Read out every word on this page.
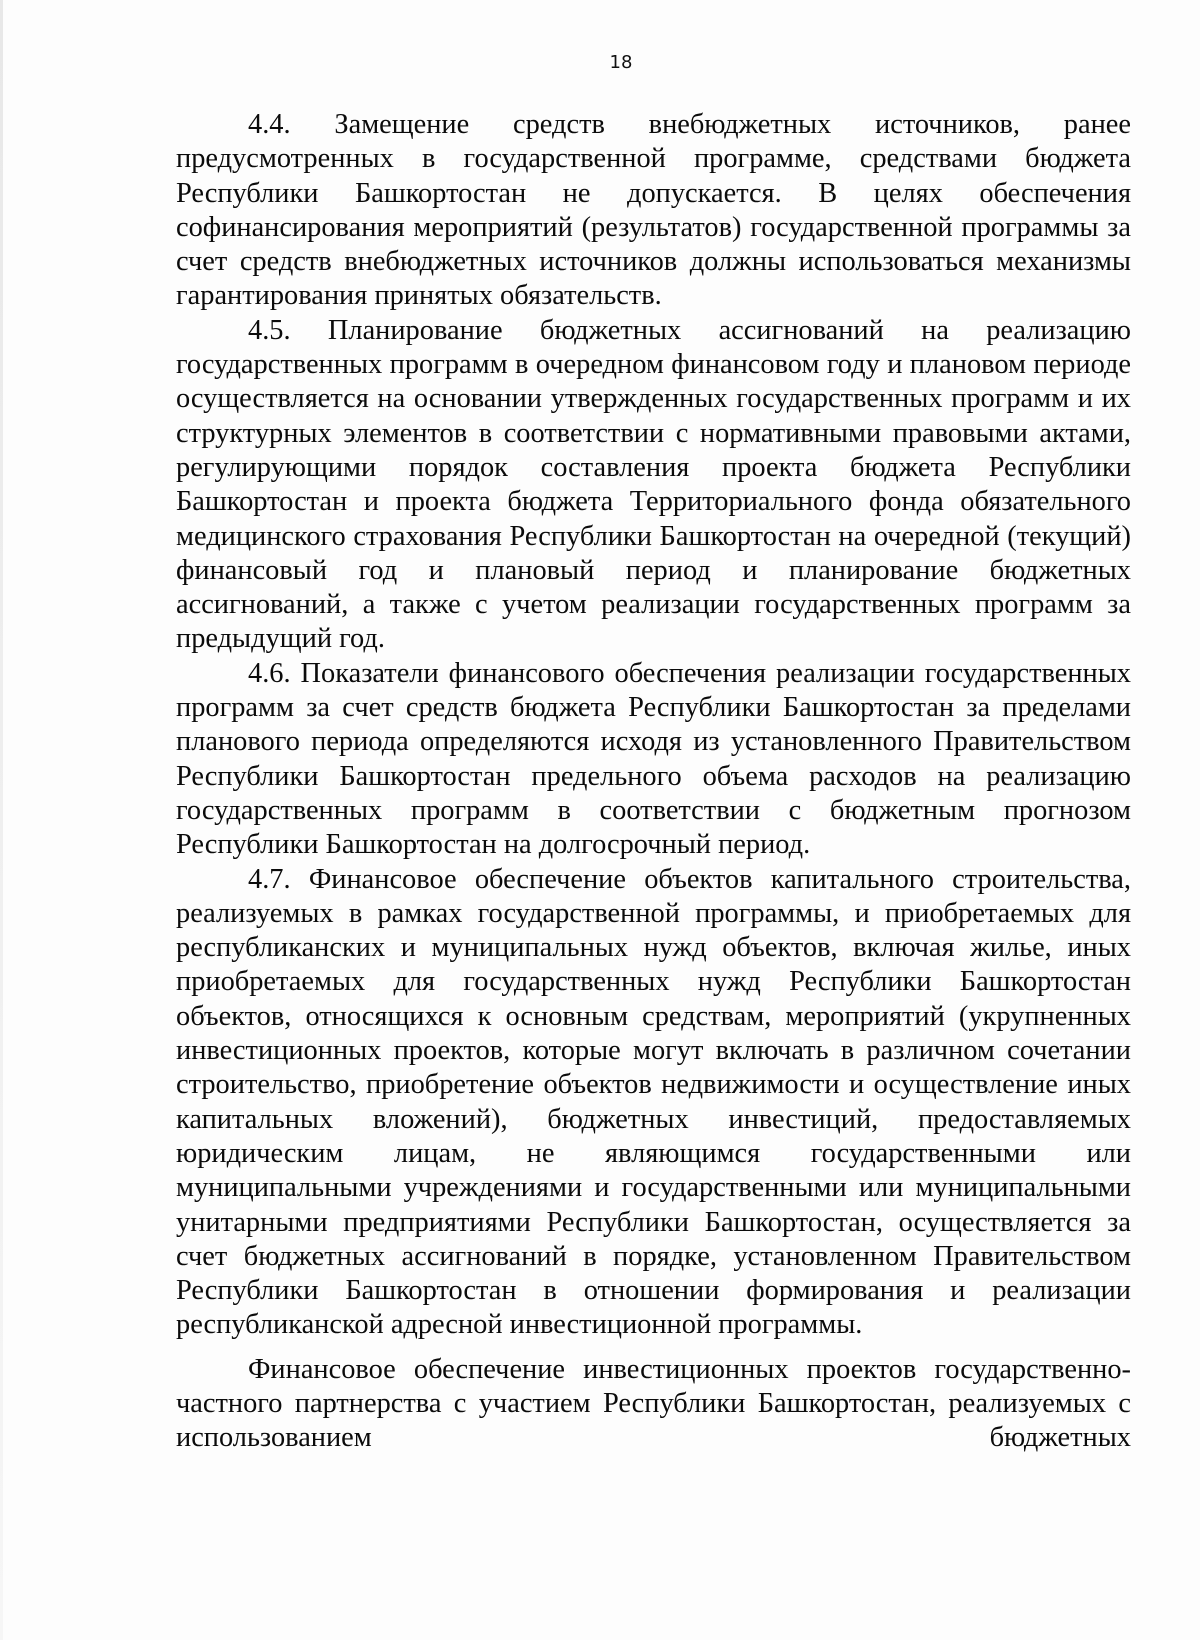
18

4.4. Замещение средств внебюджетных источников, ранее предусмотренных в государственной программе, средствами бюджета Республики Башкортостан не допускается. В целях обеспечения софинансирования мероприятий (результатов) государственной программы за счет средств внебюджетных источников должны использоваться механизмы гарантирования принятых обязательств.

4.5. Планирование бюджетных ассигнований на реализацию государственных программ в очередном финансовом году и плановом периоде осуществляется на основании утвержденных государственных программ и их структурных элементов в соответствии с нормативными правовыми актами, регулирующими порядок составления проекта бюджета Республики Башкортостан и проекта бюджета Территориального фонда обязательного медицинского страхования Республики Башкортостан на очередной (текущий) финансовый год и плановый период и планирование бюджетных ассигнований, а также с учетом реализации государственных программ за предыдущий год.

4.6. Показатели финансового обеспечения реализации государственных программ за счет средств бюджета Республики Башкортостан за пределами планового периода определяются исходя из установленного Правительством Республики Башкортостан предельного объема расходов на реализацию государственных программ в соответствии с бюджетным прогнозом Республики Башкортостан на долгосрочный период.

4.7. Финансовое обеспечение объектов капитального строительства, реализуемых в рамках государственной программы, и приобретаемых для республиканских и муниципальных нужд объектов, включая жилье, иных приобретаемых для государственных нужд Республики Башкортостан объектов, относящихся к основным средствам, мероприятий (укрупненных инвестиционных проектов, которые могут включать в различном сочетании строительство, приобретение объектов недвижимости и осуществление иных капитальных вложений), бюджетных инвестиций, предоставляемых юридическим лицам, не являющимся государственными или муниципальными учреждениями и государственными или муниципальными унитарными предприятиями Республики Башкортостан, осуществляется за счет бюджетных ассигнований в порядке, установленном Правительством Республики Башкортостан в отношении формирования и реализации республиканской адресной инвестиционной программы.

Финансовое обеспечение инвестиционных проектов государственно-частного партнерства с участием Республики Башкортостан, реализуемых с использованием бюджетных
